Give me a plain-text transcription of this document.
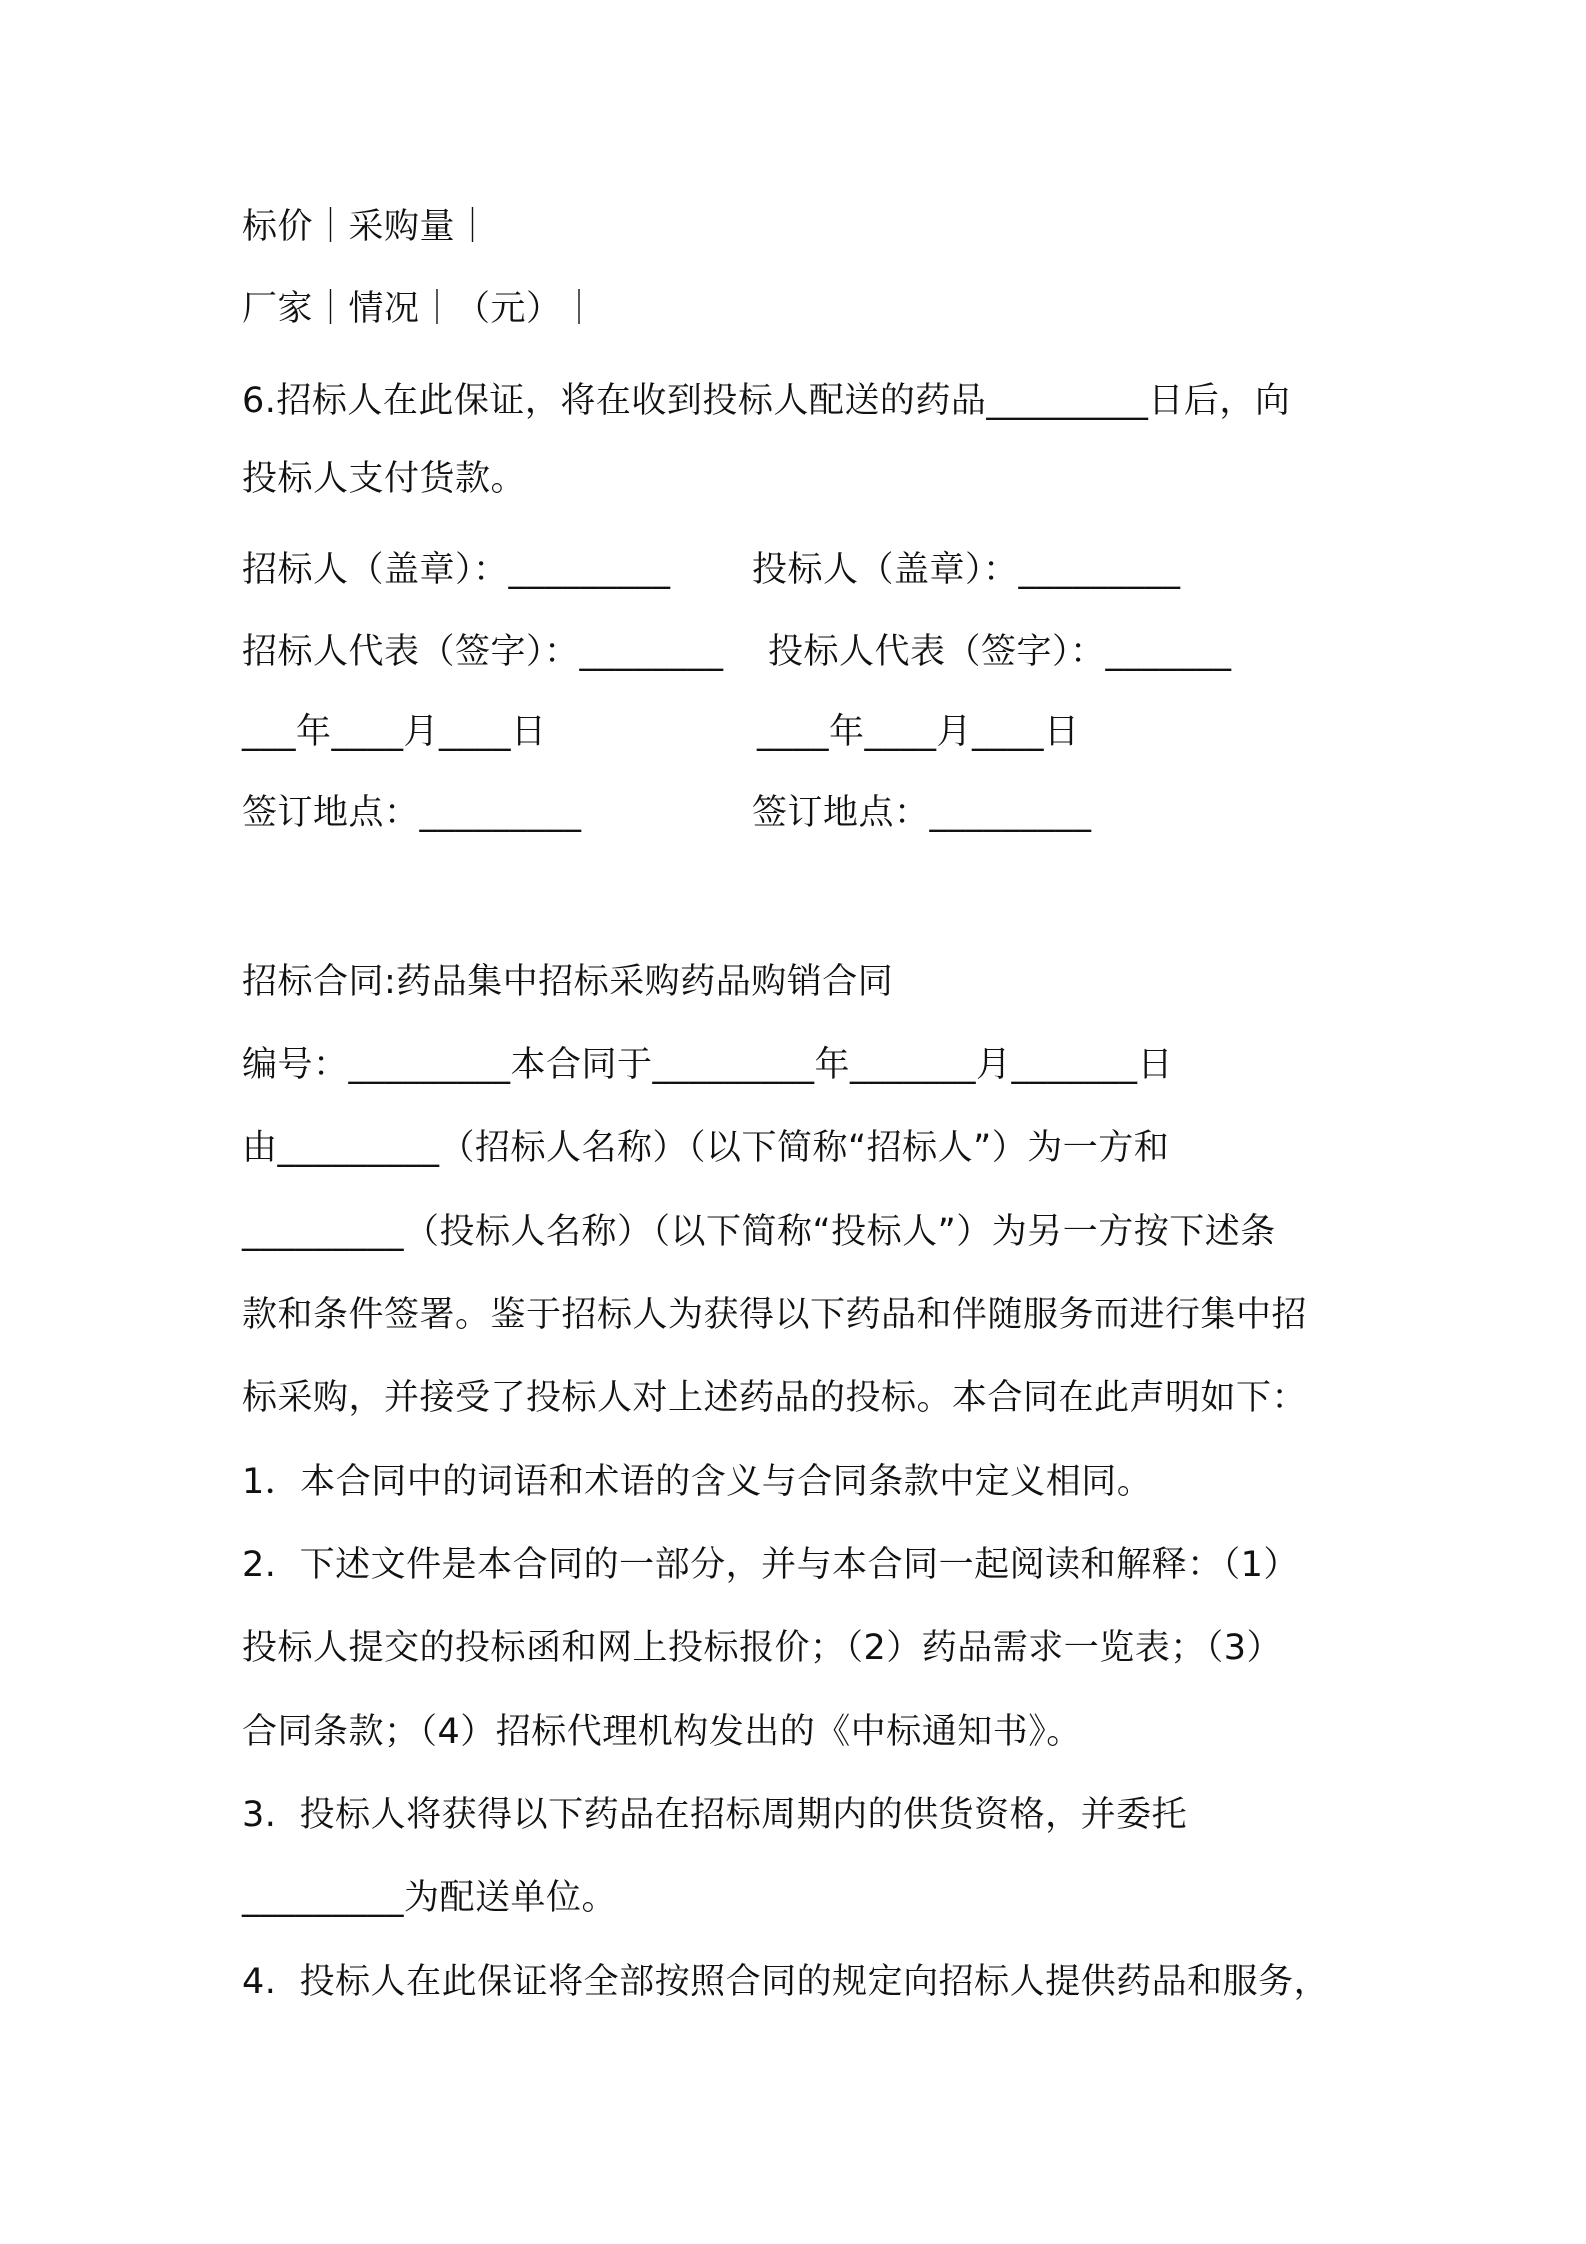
标价｜采购量｜
厂家｜情况｜（元）｜
6.招标人在此保证，将在收到投标人配送的药品_________日后，向
投标人支付货款。
招标人（盖章）：_________ 投标人（盖章）：_________
招标人代表（签字）：________ 投标人代表（签字）：_______
___年____月____日	____年____月____日
签订地点：_________	签订地点：_________
招标合同:药品集中招标采购药品购销合同
编号：_________本合同于_________年_______月_______日
由_________（招标人名称）（以下简称“招标人”）为一方和
_________（投标人名称）（以下简称“投标人”）为另一方按下述条
款和条件签署。鉴于招标人为获得以下药品和伴随服务而进行集中招
标采购，并接受了投标人对上述药品的投标。本合同在此声明如下：
1．本合同中的词语和术语的含义与合同条款中定义相同。
2.  下述文件是本合同的一部分，并与本合同一起阅读和解释：（1）
投标人提交的投标函和网上投标报价；（2）药品需求一览表；（3）
合同条款；（4）招标代理机构发出的《中标通知书》。
3.  投标人将获得以下药品在招标周期内的供货资格，并委托
_________为配送单位。
4.  投标人在此保证将全部按照合同的规定向招标人提供药品和服务，
